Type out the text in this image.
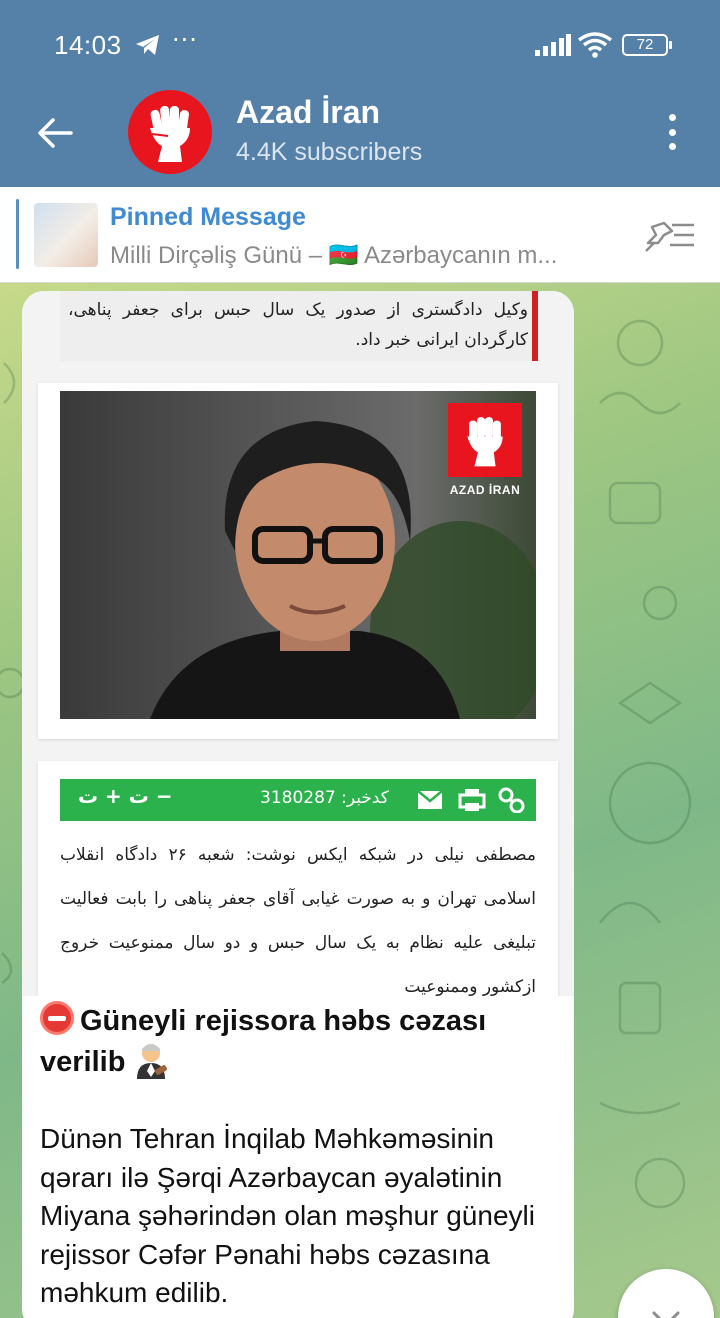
14:03 ···	72
Azad İran
4.4K subscribers
Pinned Message
Milli Dirçəliş Günü – 🇦🇿 Azərbaycanın m...
وکیل دادگستری از صدور یک سال حبس برای جعفر پناهی، کارگردان ایرانی خبر داد.
AZAD İRAN
ت + ت −	کدخبر: 3180287
مصطفی نیلی در شبکه ایکس نوشت: شعبه ۲۶ دادگاه انقلاب اسلامی تهران و به صورت غیابی آقای جعفر پناهی را بابت فعالیت تبلیغی علیه نظام به یک سال حبس و دو سال ممنوعیت خروج ازکشور وممنوعیت
Güneyli rejissora həbs cəzası verilib
Dünən Tehran İnqilab Məhkəməsinin qərarı ilə Şərqi Azərbaycan əyalətinin Miyana şəhərindən olan məşhur güneyli rejissor Cəfər Pənahi həbs cəzasına məhkum edilib.
